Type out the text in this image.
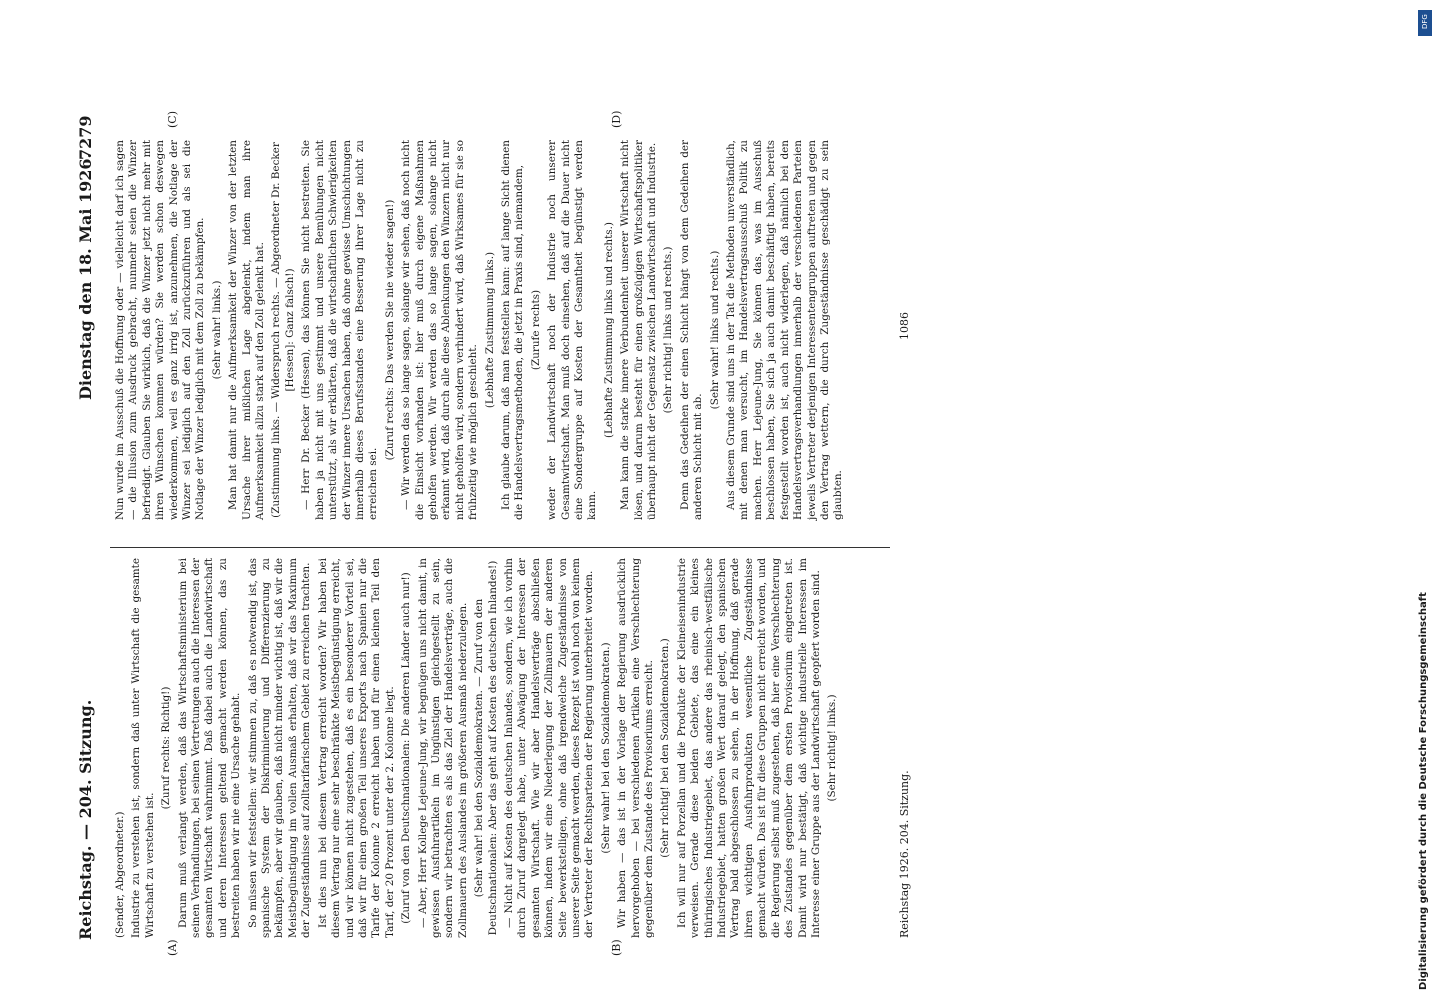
Reichstag. — 204. Sitzung.
Dienstag den 18. Mai 1926.
7279
(A)	(B)
(C)	(D)

(Sender, Abgeordneter.) Industrie zu verstehen ist, sondern daß unter Wirtschaft die gesamte Wirtschaft zu verstehen ist.

(Zuruf rechts: Richtig!) Darum muß verlangt werden, daß das Wirtschaftsministerium bei seinen Verhandlungen, bei seinen Vertretungen auch die Interessen der gesamten Wirtschaft wahrnimmt. Daß dabei auch die Landwirtschaft und deren Interessen geltend gemacht werden können, das zu bestreiten haben wir nie eine Ursache gehabt. So müssen wir feststellen: wir stimmen zu, daß es notwendig ist, das spanische System der Diskriminierung und Differenzierung zu bekämpfen, aber wir glauben, daß nicht minder wichtig ist, daß wir die Meistbegünstigung im vollen Ausmaß erhalten, daß wir das Maximum der Zugeständnisse auf zolltarifarischem Gebiet zu erreichen trachten. Ist dies nun bei diesem Vertrag erreicht worden? Wir haben bei diesem Vertrag nur eine sehr beschränkte Meistbegünstigung erreicht, und wir können nicht zugestehen, daß es ein besonderer Vorteil sei, daß wir für einen großen Teil unseres Exports nach Spanien nur die Tarife der Kolonne 2 erreicht haben und für einen kleinen Teil den Tarif, der 20 Prozent unter der 2. Kolonne liegt. (Zuruf von den Deutschnationalen: Die anderen Länder auch nur!) — Aber, Herr Kollege Lejeune-Jung, wir begnügen uns nicht damit, in gewissen Ausfuhrartikeln im Ungünstigen gleichgestellt zu sein, sondern wir betrachten es als das Ziel der Handelsverträge, auch die Zollmauern des Auslandes im größeren Ausmaß niederzulegen. (Sehr wahr! bei den Sozialdemokraten. — Zuruf von den Deutschnationalen: Aber das geht auf Kosten des deutschen Inlandes!) — Nicht auf Kosten des deutschen Inlandes, sondern, wie ich vorhin durch Zuruf dargelegt habe, unter Abwägung der Interessen der gesamten Wirtschaft. Wie wir aber Handelsverträge abschließen können, indem wir eine Niederlegung der Zollmauern der anderen Seite bewerkstelligen, ohne daß irgendwelche Zugeständnisse von unserer Seite gemacht werden, dieses Rezept ist wohl noch von keinem der Vertreter der Rechtsparteien der Regierung unterbreitet worden. (Sehr wahr! bei den Sozialdemokraten.) Wir haben — das ist in der Vorlage der Regierung ausdrücklich hervorgehoben — bei verschiedenen Artikeln eine Verschlechterung gegenüber dem Zustande des Provisoriums erreicht. (Sehr richtig! bei den Sozialdemokraten.) Ich will nur auf Porzellan und die Produkte der Kleineisenindustrie verweisen. Gerade diese beiden Gebiete, das eine ein kleines thüringisches Industriegebiet, das andere das rheinisch-westfälische Industriegebiet, hatten großen Wert darauf gelegt, den spanischen Vertrag bald abgeschlossen zu sehen, in der Hoffnung, daß gerade ihren wichtigen Ausfuhrprodukten wesentliche Zugeständnisse gemacht würden. Das ist für diese Gruppen nicht erreicht worden, und die Regierung selbst muß zugestehen, daß hier eine Verschlechterung des Zustandes gegenüber dem ersten Provisorium eingetreten ist. Damit wird nur bestätigt, daß wichtige industrielle Interessen im Interesse einer Gruppe aus der Landwirtschaft geopfert worden sind. (Sehr richtig! links.)

Nun wurde im Ausschuß die Hoffnung oder — vielleicht darf ich sagen — die Illusion zum Ausdruck gebracht, nunmehr seien die Winzer befriedigt. Glauben Sie wirklich, daß die Winzer jetzt nicht mehr mit ihren Wünschen kommen würden? Sie werden schon deswegen wiederkommen, weil es ganz irrig ist, anzunehmen, die Notlage der Winzer sei lediglich auf den Zoll zurückzuführen und als sei die Notlage der Winzer lediglich mit dem Zoll zu bekämpfen. (Sehr wahr! links.) Man hat damit nur die Aufmerksamkeit der Winzer von der letzten Ursache ihrer mißlichen Lage abgelenkt, indem man ihre Aufmerksamkeit allzu stark auf den Zoll gelenkt hat. (Zustimmung links. — Widerspruch rechts. — Abgeordneter Dr. Becker [Hessen]: Ganz falsch!) — Herr Dr. Becker (Hessen), das können Sie nicht bestreiten. Sie haben ja nicht mit uns gestimmt und unsere Bemühungen nicht unterstützt, als wir erklärten, daß die wirtschaftlichen Schwierigkeiten der Winzer innere Ursachen haben, daß ohne gewisse Umschichtungen innerhalb dieses Berufsstandes eine Besserung ihrer Lage nicht zu erreichen sei.

(Zuruf rechts: Das werden Sie nie wieder sagen!) — Wir werden das so lange sagen, solange wir sehen, daß noch nicht die Einsicht vorhanden ist: hier muß durch eigene Maßnahmen geholfen werden. Wir werden das so lange sagen, solange nicht erkannt wird, daß durch alle diese Ablenkungen den Winzern nicht nur nicht geholfen wird, sondern verhindert wird, daß Wirksames für sie so frühzeitig wie möglich geschieht.

(Lebhafte Zustimmung links.) Ich glaube darum, daß man feststellen kann: auf lange Sicht dienen die Handelsvertragsmethoden, die jetzt in Praxis sind, niemandem, (Zurufe rechts) weder der Landwirtschaft noch der Industrie noch unserer Gesamtwirtschaft. Man muß doch einsehen, daß auf die Dauer nicht eine Sondergruppe auf Kosten der Gesamtheit begünstigt werden kann.

(Lebhafte Zustimmung links und rechts.) Man kann die starke innere Verbundenheit unserer Wirtschaft nicht lösen, und darum besteht für einen großzügigen Wirtschaftspolitiker überhaupt nicht der Gegensatz zwischen Landwirtschaft und Industrie. (Sehr richtig! links und rechts.) Denn das Gedeihen der einen Schicht hängt von dem Gedeihen der anderen Schicht mit ab.

(Sehr wahr! links und rechts.) Aus diesem Grunde sind uns in der Tat die Methoden unverständlich, mit denen man versucht, im Handelsvertragsausschuß Politik zu machen. Herr Lejeune-Jung, Sie können das, was im Ausschuß beschlossen haben, Sie sich ja auch damit beschäftigt haben, bereits festgestellt worden ist, auch nicht widerlegen, daß nämlich bei den Handelsvertragsverhandlungen innerhalb der verschiedenen Parteien jeweils Vertreter derjenigen Interessentengruppen auftreten und gegen den Vertrag wettern, die durch Zugeständnisse geschädigt zu sein glaubten.

Reichstag 1926. 204. Sitzung.
1086
DFG
Digitalisierung gefördert durch die Deutsche Forschungsgemeinschaft
